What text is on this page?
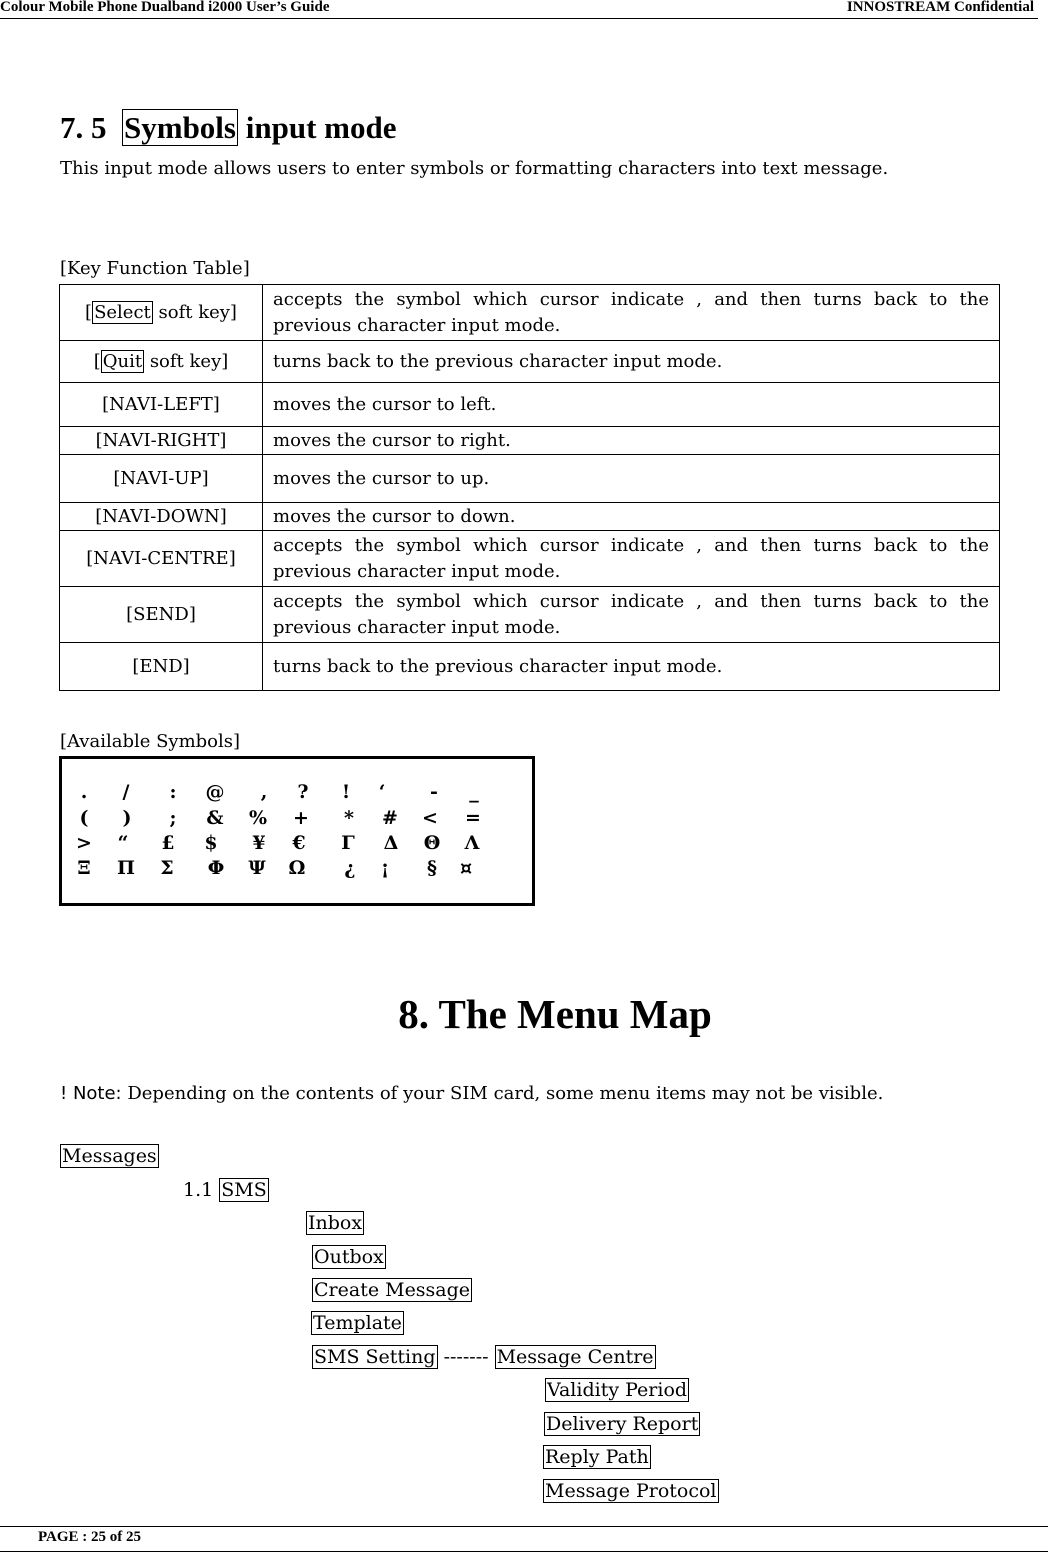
Colour Mobile Phone Dualband i2000 User’s Guide	INNOSTREAM Confidential
7. 5 Symbols input mode
This input mode allows users to enter symbols or formatting characters into text message.
[Key Function Table]
[ Select soft key]	accepts the symbol which cursor indicate , and then turns back to the previous character input mode.
[ Quit soft key]	turns back to the previous character input mode.
[NAVI-LEFT]	moves the cursor to left.
[NAVI-RIGHT]	moves the cursor to right.
[NAVI-UP]	moves the cursor to up.
[NAVI-DOWN]	moves the cursor to down.
[NAVI-CENTRE]	accepts the symbol which cursor indicate , and then turns back to the previous character input mode.
[SEND]	accepts the symbol which cursor indicate , and then turns back to the previous character input mode.
[END]	turns back to the previous character input mode.
[Available Symbols]
.	/	:	@	,	?	!	‘	-	_
(	)	;	&	%	+	*	#	<	=
>	“	£	$	¥	€	Γ	Δ	Θ	Λ
Ξ	Π	Σ	Φ	Ψ	Ω	¿	¡	§	¤
8. The Menu Map
! Note: Depending on the contents of your SIM card, some menu items may not be visible.
Messages
1.1 SMS
Inbox
Outbox
Create Message
Template
SMS Setting ------- Message Centre
Validity Period
Delivery Report
Reply Path
Message Protocol
PAGE : 25 of 25
